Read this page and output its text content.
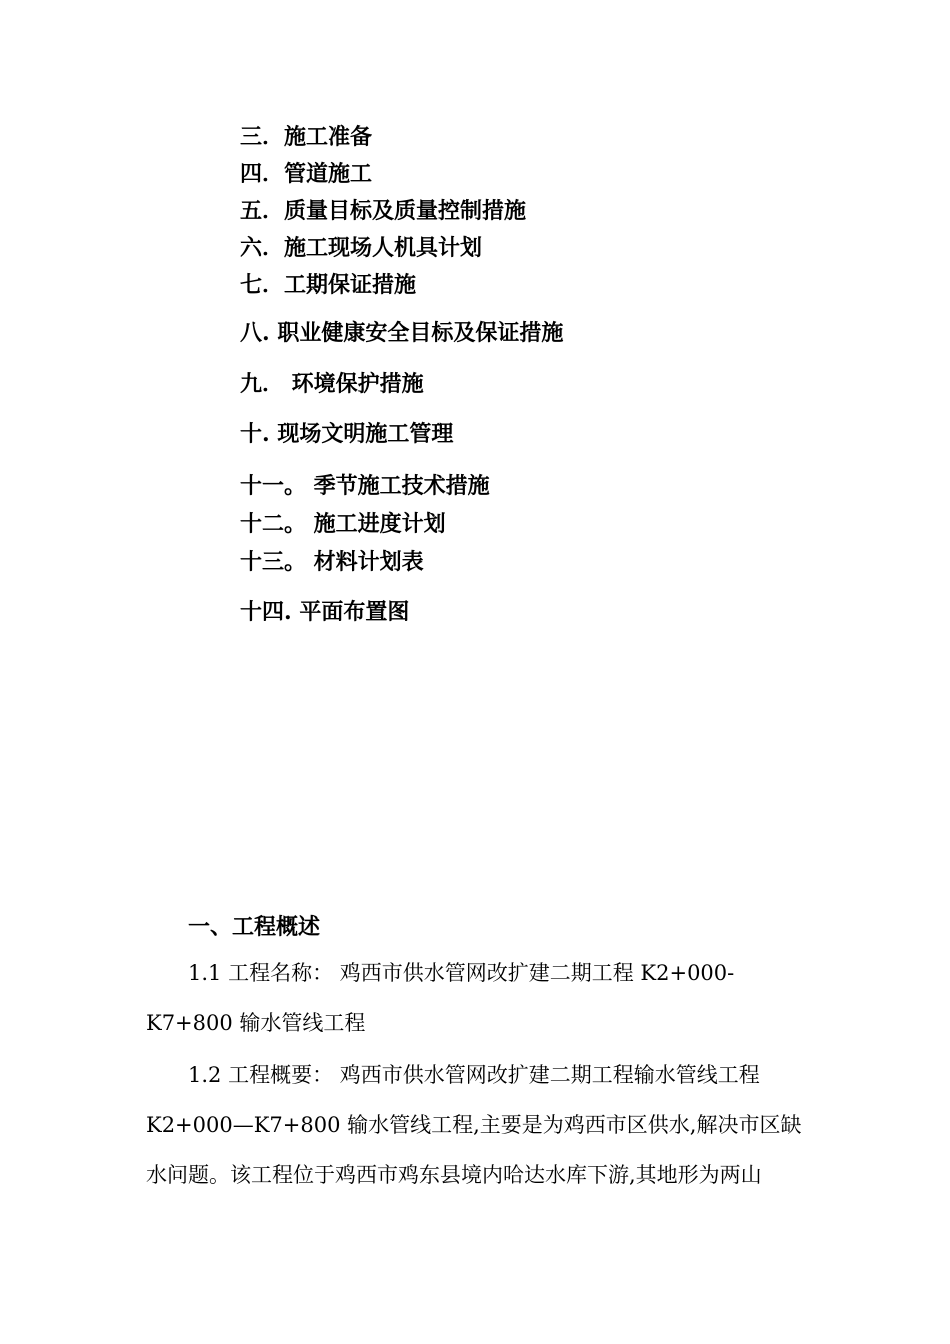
三．施工准备
四．管道施工
五．质量目标及质量控制措施
六．施工现场人机具计划
七．工期保证措施
八. 职业健康安全目标及保证措施
九． 环境保护措施
十. 现场文明施工管理
十一。 季节施工技术措施
十二。 施工进度计划
十三。 材料计划表
十四. 平面布置图
一、工程概述
1.1 工程名称： 鸡西市供水管网改扩建二期工程 K2+000-
K7+800 输水管线工程
1.2 工程概要： 鸡西市供水管网改扩建二期工程输水管线工程
K2+000—K7+800 输水管线工程,主要是为鸡西市区供水,解决市区缺
水问题。该工程位于鸡西市鸡东县境内哈达水库下游,其地形为两山
